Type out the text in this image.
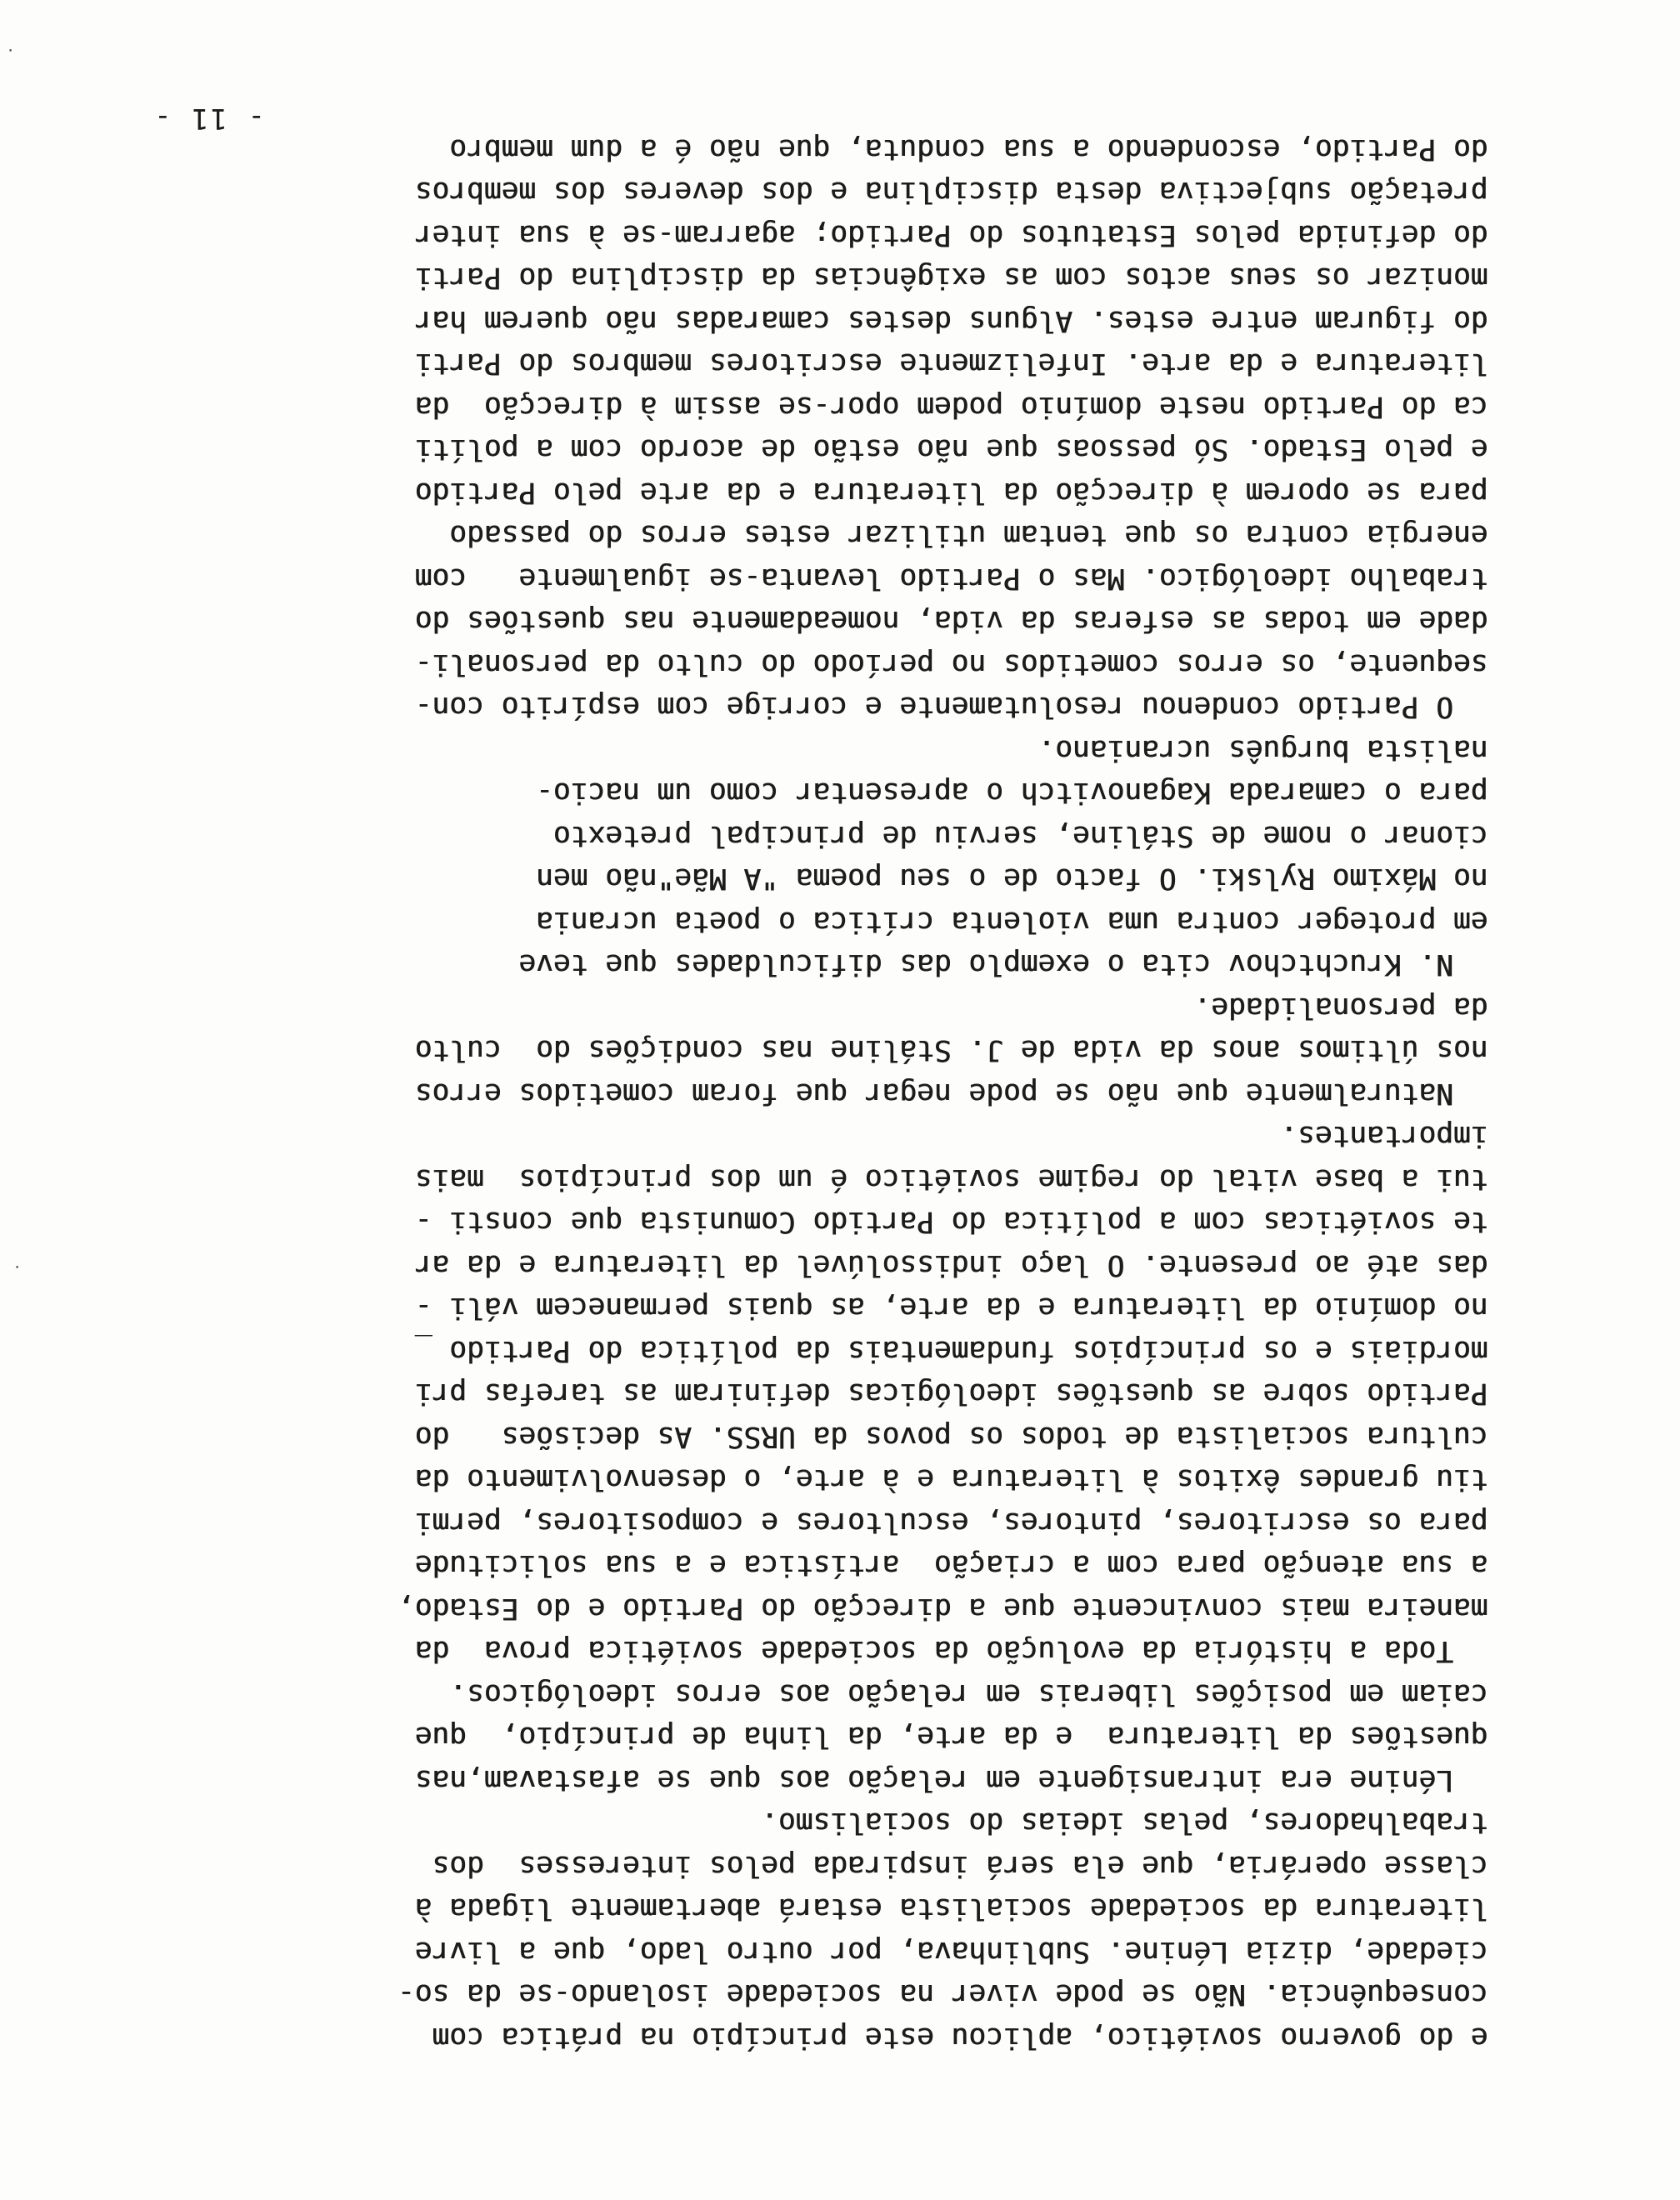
·
·
e do governo soviético, aplicou este princípio na prática com
consequência. Não se pode viver na sociedade isolando-se da so-
ciedade, dizia Lénine. Sublinhava, por outro lado, que a livre
literatura da sociedade socialista estará abertamente ligada à
classe operária, que ela será inspirada pelos interesses  dos
trabalhadores, pelas ideias do socialismo.
Lénine era intransigente em relação aos que se afastavam,nas
questões da literatura  e da arte, da linha de princípio,  que
caiam em posições liberais em relação aos erros ideológicos.
Toda a história da evolução da sociedade soviética prova  da
maneira mais convincente que a direcção do Partido e do Estado,
a sua atenção para com a criação  artística e a sua solicitude
para os escritores, pintores, escultores e compositores, permi
tiu grandes êxitos à literatura e à arte, o desenvolvimento da
cultura socialista de todos os povos da URSS. As decisões   do
Partido sobre as questões ideológicas definiram as tarefas pri
mordiais e os princípios fundamentais da política do Partido _
no domínio da literatura e da arte, as quais permanecem váli -
das até ao presente. O laço indissolúvel da literatura e da ar
te soviéticas com a política do Partido Comunista que consti -
tui a base vital do regime soviético é um dos princípios  mais
importantes.
Naturalmente que não se pode negar que foram cometidos erros
nos últimos anos da vida de J. Stáline nas condições do  culto
da personalidade.
N. Kruchtchov cita o exemplo das dificuldades que teve
em proteger contra uma violenta crítica o poeta ucrania
no Máximo Rylski. O facto de o seu poema "A Mãe"não men
cionar o nome de Stáline, serviu de principal pretexto
para o camarada Kaganovitch o apresentar como um nacio-
nalista burguês ucraniano.
O Partido condenou resolutamente e corrige com espírito con-
sequente, os erros cometidos no período do culto da personali-
dade em todas as esferas da vida, nomeadamente nas questões do
trabalho ideológico. Mas o Partido levanta-se igualmente   com
energia contra os que tentam utilizar estes erros do passado
para se oporem à direcção da literatura e da arte pelo Partido
e pelo Estado. Só pessoas que não estão de acordo com a políti
ca do Partido neste domínio podem opor-se assim à direcção  da
literatura e da arte. Infelizmente escritores membros do Parti
do figuram entre estes. Alguns destes camaradas não querem har
monizar os seus actos com as exigências da disciplina do Parti
do definida pelos Estatutos do Partido; agarram-se à sua inter
pretação subjectiva desta disciplina e dos deveres dos membros
do Partido, escondendo a sua conduta, que não é a dum membro
- 11 -
